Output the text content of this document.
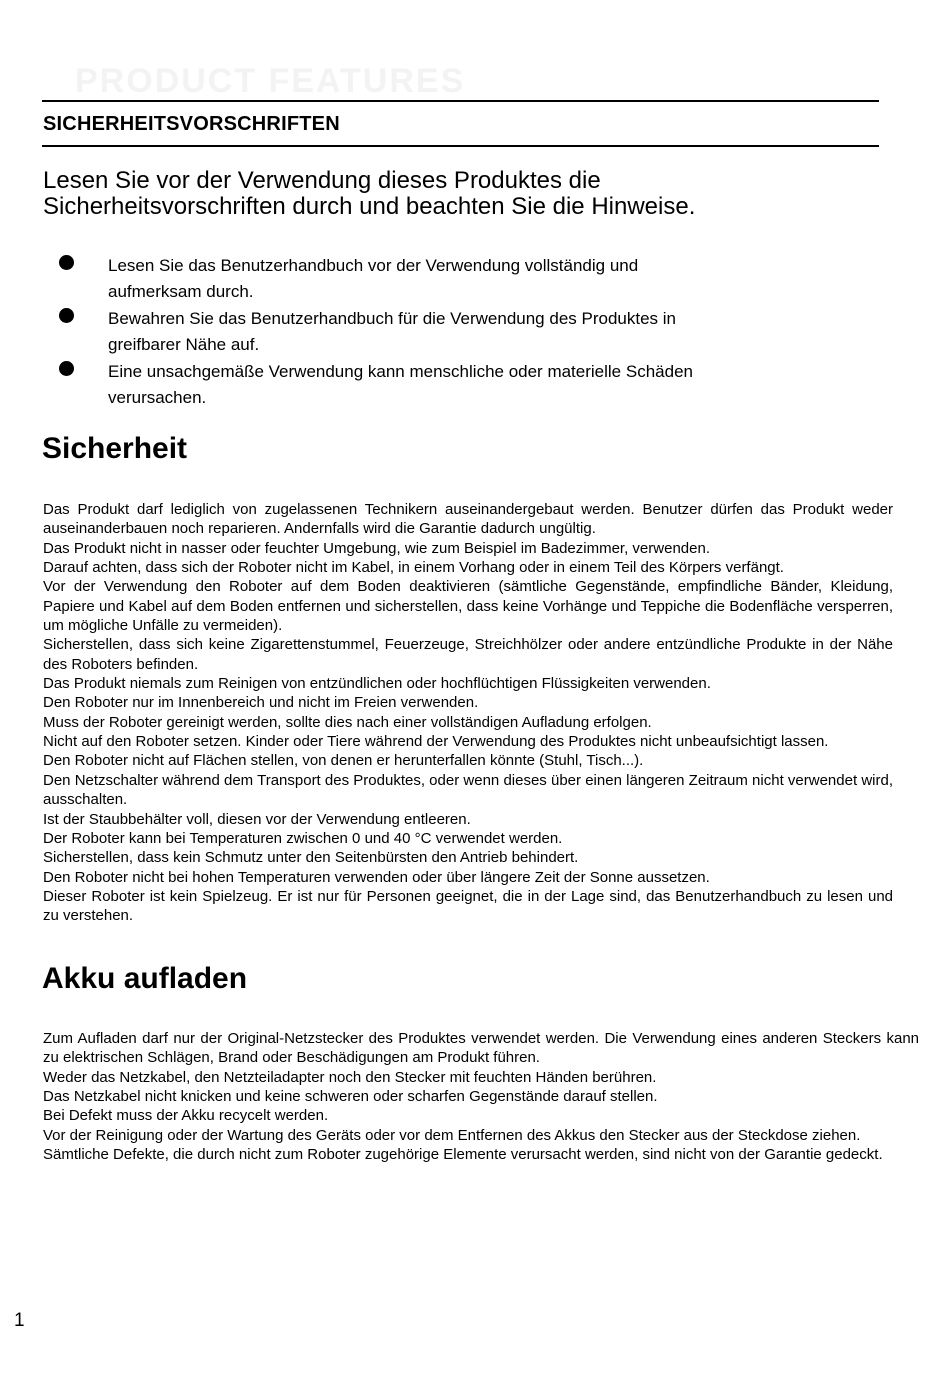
PRODUCT FEATURES
SICHERHEITSVORSCHRIFTEN
Lesen Sie vor der Verwendung dieses Produktes die
Sicherheitsvorschriften durch und beachten Sie die Hinweise.
Lesen Sie das Benutzerhandbuch vor der Verwendung vollständig und
aufmerksam durch.
Bewahren Sie das Benutzerhandbuch für die Verwendung des Produktes in
greifbarer Nähe auf.
Eine unsachgemäße Verwendung kann menschliche oder materielle Schäden
verursachen.
Sicherheit

Das Produkt darf lediglich von zugelassenen Technikern auseinandergebaut werden. Benutzer dürfen das Produkt weder auseinanderbauen noch reparieren. Andernfalls wird die Garantie dadurch ungültig.

Das Produkt nicht in nasser oder feuchter Umgebung, wie zum Beispiel im Badezimmer, verwenden.

Darauf achten, dass sich der Roboter nicht im Kabel, in einem Vorhang oder in einem Teil des Körpers verfängt.

Vor der Verwendung den Roboter auf dem Boden deaktivieren (sämtliche Gegenstände, empfindliche Bänder, Kleidung, Papiere und Kabel auf dem Boden entfernen und sicherstellen, dass keine Vorhänge und Teppiche die Bodenfläche versperren, um mögliche Unfälle zu vermeiden).

Sicherstellen, dass sich keine Zigarettenstummel, Feuerzeuge, Streichhölzer oder andere entzündliche Produkte in der Nähe des Roboters befinden.

Das Produkt niemals zum Reinigen von entzündlichen oder hochflüchtigen Flüssigkeiten verwenden.

Den Roboter nur im Innenbereich und nicht im Freien verwenden.

Muss der Roboter gereinigt werden, sollte dies nach einer vollständigen Aufladung erfolgen.

Nicht auf den Roboter setzen. Kinder oder Tiere während der Verwendung des Produktes nicht unbeaufsichtigt lassen.

Den Roboter nicht auf Flächen stellen, von denen er herunterfallen könnte (Stuhl, Tisch...).

Den Netzschalter während dem Transport des Produktes, oder wenn dieses über einen längeren Zeitraum nicht verwendet wird, ausschalten.

Ist der Staubbehälter voll, diesen vor der Verwendung entleeren.

Der Roboter kann bei Temperaturen zwischen 0 und 40 °C verwendet werden.

Sicherstellen, dass kein Schmutz unter den Seitenbürsten den Antrieb behindert.

Den Roboter nicht bei hohen Temperaturen verwenden oder über längere Zeit der Sonne aussetzen.

Dieser Roboter ist kein Spielzeug. Er ist nur für Personen geeignet, die in der Lage sind, das Benutzerhandbuch zu lesen und zu verstehen.

Akku aufladen

Zum Aufladen darf nur der Original-Netzstecker des Produktes verwendet werden. Die Verwendung eines anderen Steckers kann zu elektrischen Schlägen, Brand oder Beschädigungen am Produkt führen.

Weder das Netzkabel, den Netzteiladapter noch den Stecker mit feuchten Händen berühren.

Das Netzkabel nicht knicken und keine schweren oder scharfen Gegenstände darauf stellen.

Bei Defekt muss der Akku recycelt werden.

Vor der Reinigung oder der Wartung des Geräts oder vor dem Entfernen des Akkus den Stecker aus der Steckdose ziehen.

Sämtliche Defekte, die durch nicht zum Roboter zugehörige Elemente verursacht werden, sind nicht von der Garantie gedeckt.

1
